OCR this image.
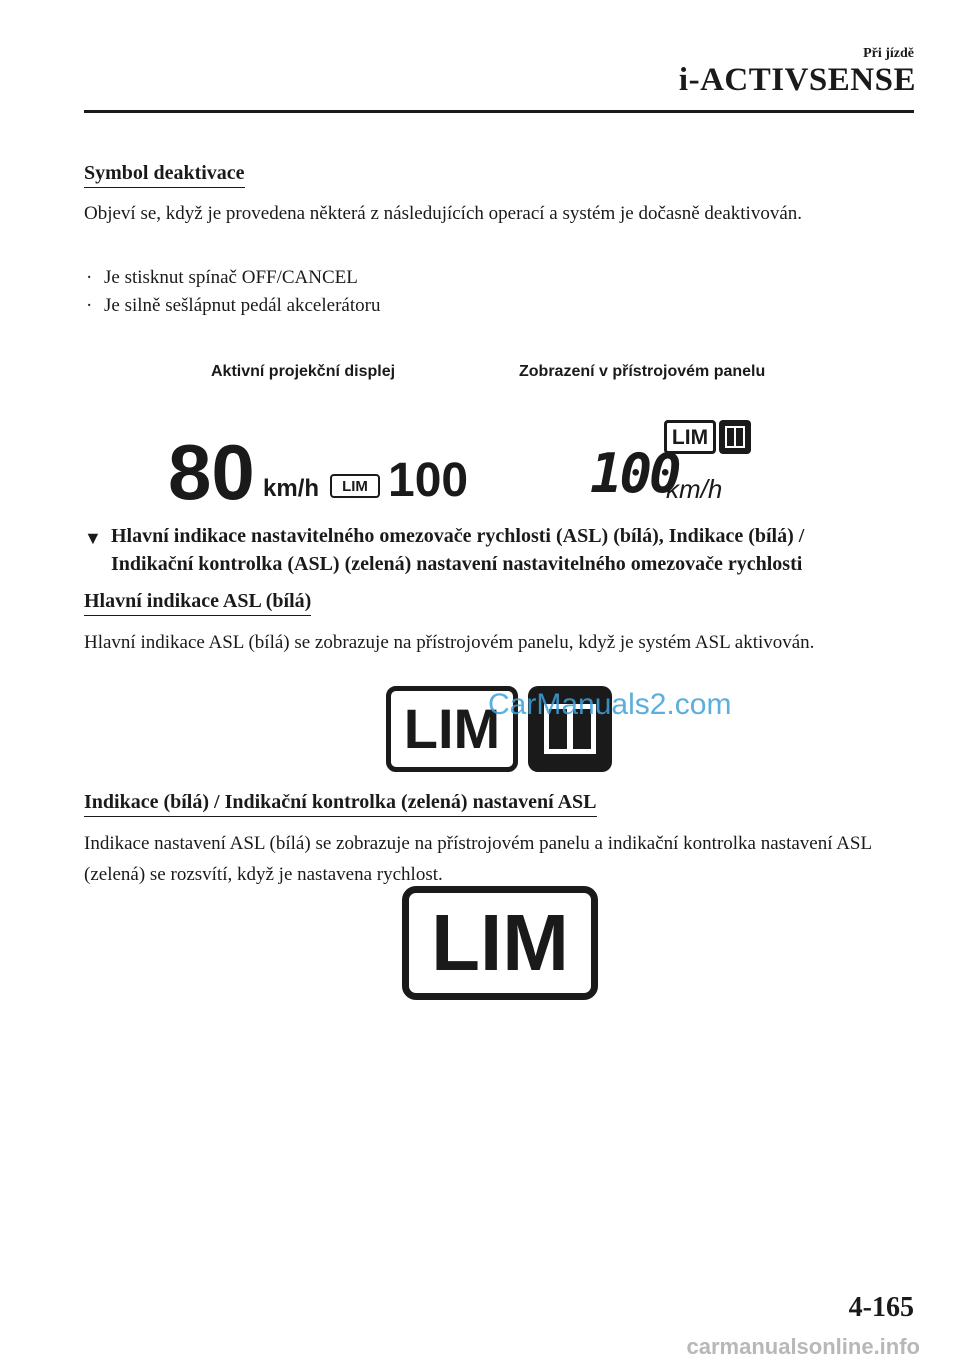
Při jízdě
i-ACTIVSENSE
Symbol deaktivace
Objeví se, když je provedena některá z následujících operací a systém je dočasně deaktivován.
· Je stisknut spínač OFF/CANCEL
· Je silně sešlápnut pedál akcelerátoru
Aktivní projekční displej	Zobrazení v přístrojovém panelu
80 km/h LIM 100
LIM
100
km/h
▼ Hlavní indikace nastavitelného omezovače rychlosti (ASL) (bílá), Indikace (bílá) /
Indikační kontrolka (ASL) (zelená) nastavení nastavitelného omezovače rychlosti
Hlavní indikace ASL (bílá)
Hlavní indikace ASL (bílá) se zobrazuje na přístrojovém panelu, když je systém ASL aktivován.
LIM
CarManuals2.com
Indikace (bílá) / Indikační kontrolka (zelená) nastavení ASL
Indikace nastavení ASL (bílá) se zobrazuje na přístrojovém panelu a indikační kontrolka nastavení ASL (zelená) se rozsvítí, když je nastavena rychlost.
LIM
4-165
carmanualsonline.info
